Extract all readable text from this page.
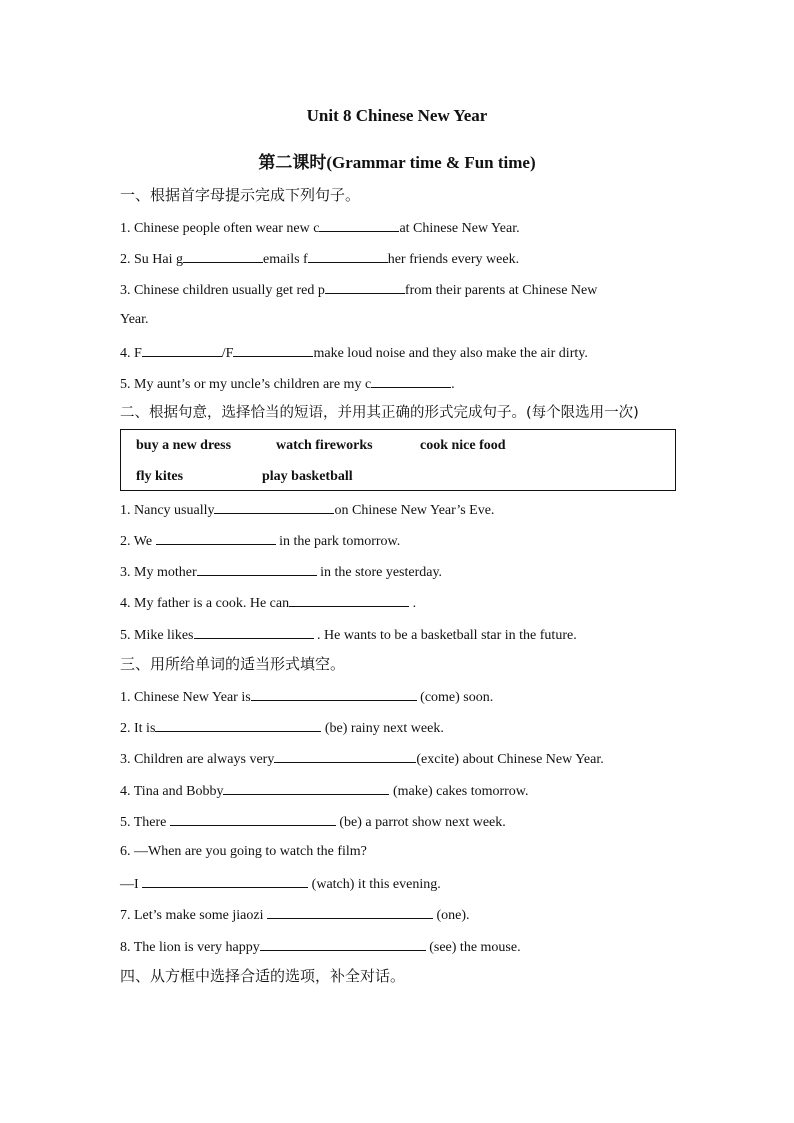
Unit 8 Chinese New Year
第二课时(Grammar time & Fun time)
一、根据首字母提示完成下列句子。
1. Chinese people often wear new c	at Chinese New Year.
2. Su Hai g	emails f	her friends every week.
3. Chinese children usually get red p	from their parents at Chinese New
Year.
4. F	/F	make loud noise and they also make the air dirty.
5. My aunt’s or my uncle’s children are my c	.
二、根据句意，选择恰当的短语，并用其正确的形式完成句子。(每个限选用一次)
buy a new dress	watch fireworks	cook nice food
fly kites	play basketball
1. Nancy usually	on Chinese New Year’s Eve.
2. We	in the park tomorrow.
3. My mother	in the store yesterday.
4. My father is a cook. He can	.
5. Mike likes	. He wants to be a basketball star in the future.
三、用所给单词的适当形式填空。
1. Chinese New Year is	(come) soon.
2. It is	(be) rainy next week.
3. Children are always very	(excite) about Chinese New Year.
4. Tina and Bobby	(make) cakes tomorrow.
5. There	(be) a parrot show next week.
6. —When are you going to watch the film?
—I	(watch) it this evening.
7. Let’s make some jiaozi	(one).
8. The lion is very happy	(see) the mouse.
四、从方框中选择合适的选项，补全对话。
